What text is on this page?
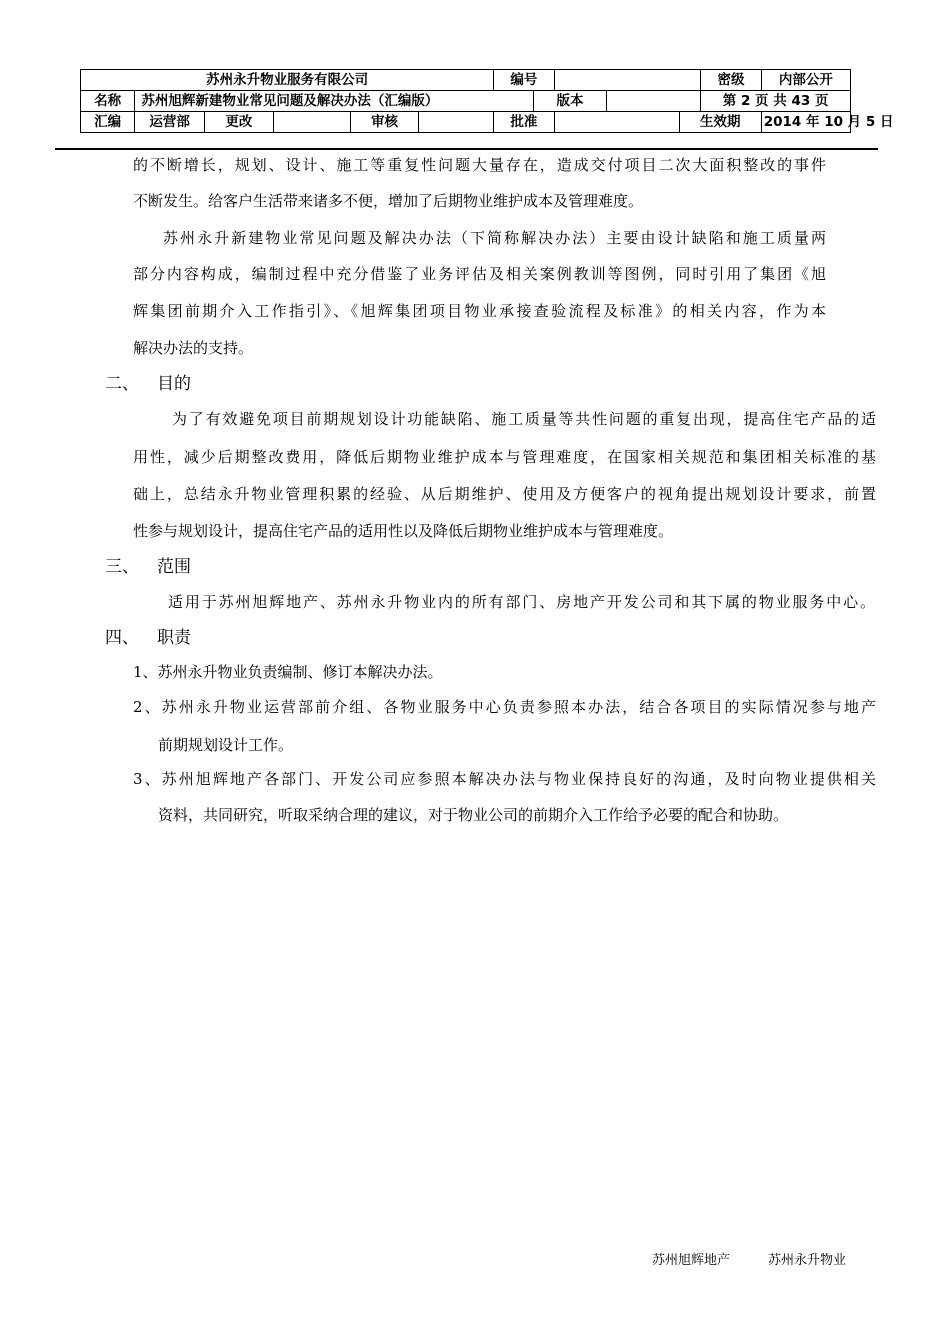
苏州永升物业服务有限公司						编号					密级	内部公开
名称	苏州旭辉新建物业常见问题及解决办法（汇编版）						版本				第 2 页 共 43 页	
汇编	运营部	更改		审核		批准				生效期		2014 年 10 月 5 日
的不断增长，规划、设计、施工等重复性问题大量存在，造成交付项目二次大面积整改的事件
不断发生。给客户生活带来诸多不便，增加了后期物业维护成本及管理难度。
苏州永升新建物业常见问题及解决办法（下简称解决办法）主要由设计缺陷和施工质量两
部分内容构成，编制过程中充分借鉴了业务评估及相关案例教训等图例，同时引用了集团《旭
辉集团前期介入工作指引》、《旭辉集团项目物业承接查验流程及标准》的相关内容，作为本
解决办法的支持。
二、 目的
为了有效避免项目前期规划设计功能缺陷、施工质量等共性问题的重复出现，提高住宅产品的适
用性，减少后期整改费用，降低后期物业维护成本与管理难度，在国家相关规范和集团相关标准的基
础上，总结永升物业管理积累的经验、从后期维护、使用及方便客户的视角提出规划设计要求，前置
性参与规划设计，提高住宅产品的适用性以及降低后期物业维护成本与管理难度。
三、 范围
适用于苏州旭辉地产、苏州永升物业内的所有部门、房地产开发公司和其下属的物业服务中心。
四、 职责
1、苏州永升物业负责编制、修订本解决办法。
2、苏州永升物业运营部前介组、各物业服务中心负责参照本办法，结合各项目的实际情况参与地产
前期规划设计工作。
3、苏州旭辉地产各部门、开发公司应参照本解决办法与物业保持良好的沟通，及时向物业提供相关
资料，共同研究，听取采纳合理的建议，对于物业公司的前期介入工作给予必要的配合和协助。
苏州旭辉地产	苏州永升物业
